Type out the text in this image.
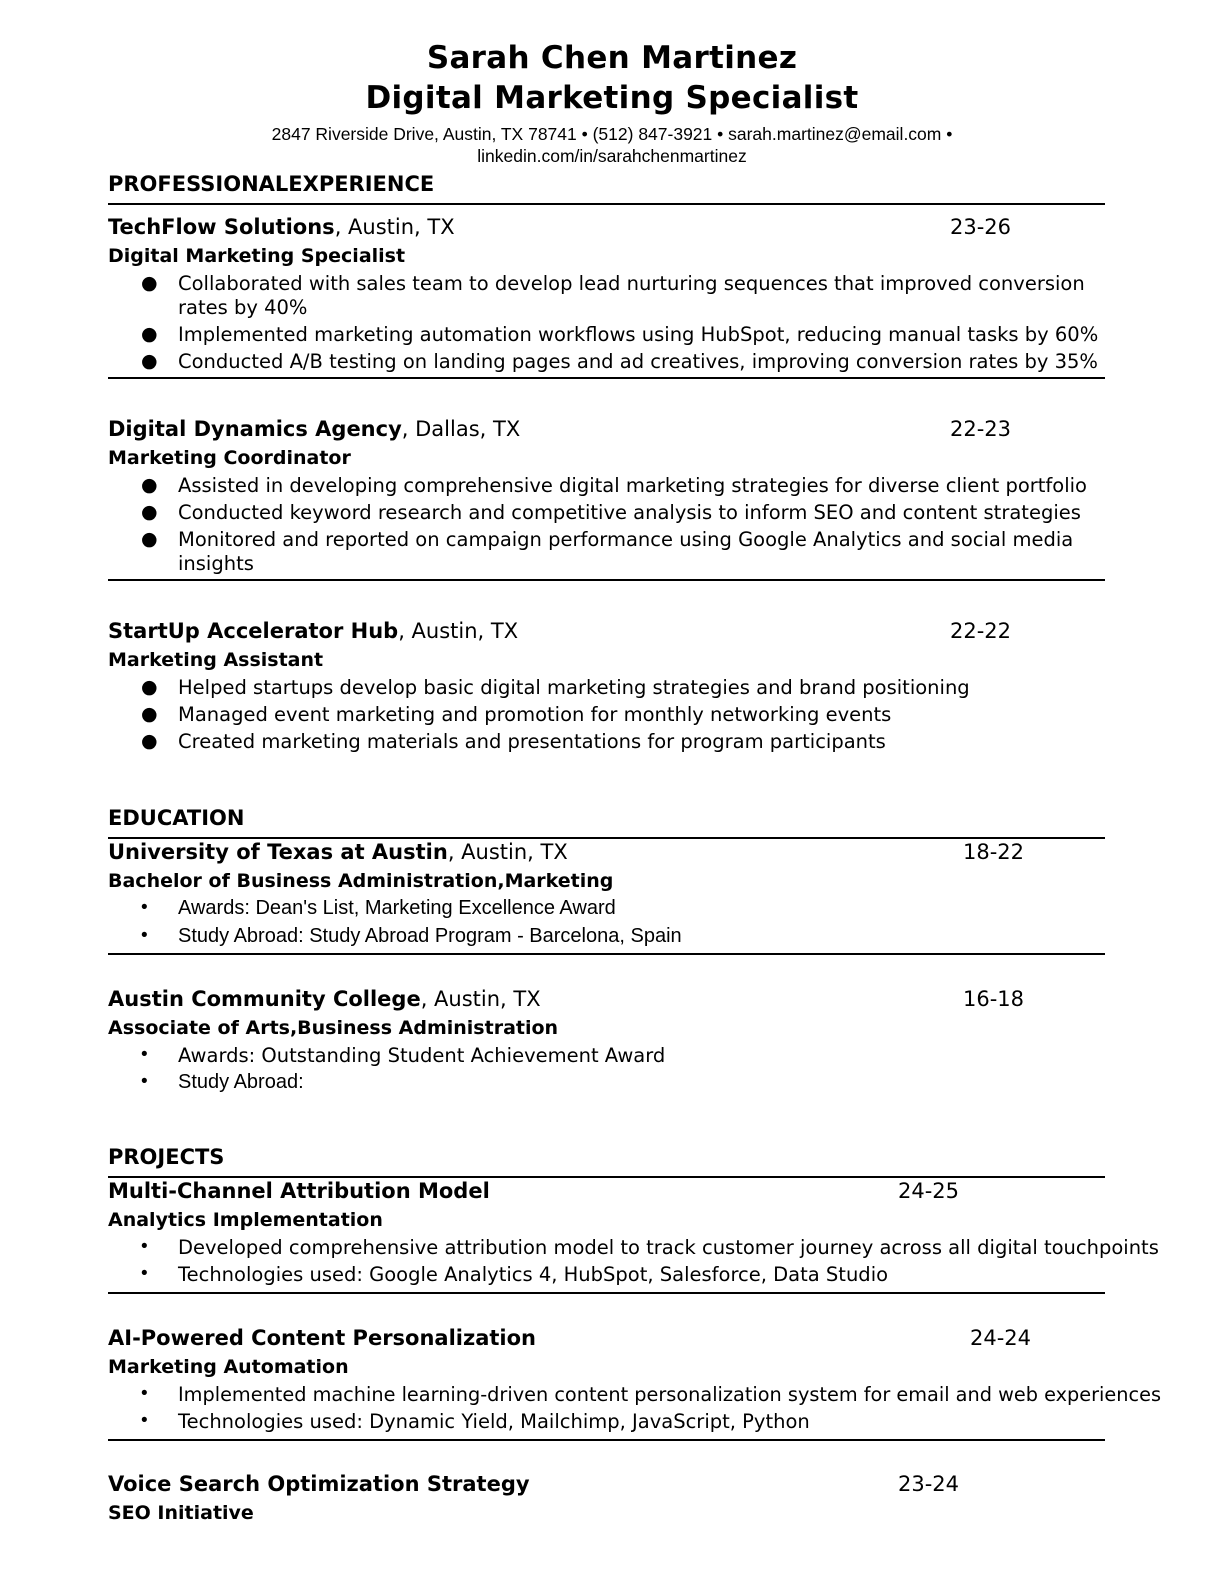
Sarah Chen Martinez
Digital Marketing Specialist
2847 Riverside Drive, Austin, TX 78741 • (512) 847-3921 • sarah.martinez@email.com •
linkedin.com/in/sarahchenmartinez
PROFESSIONALEXPERIENCE
TechFlow Solutions, Austin, TX	23-26
Digital Marketing Specialist
● Collaborated with sales team to develop lead nurturing sequences that improved conversion
rates by 40%
● Implemented marketing automation workflows using HubSpot, reducing manual tasks by 60%
● Conducted A/B testing on landing pages and ad creatives, improving conversion rates by 35%
Digital Dynamics Agency, Dallas, TX	22-23
Marketing Coordinator
● Assisted in developing comprehensive digital marketing strategies for diverse client portfolio
● Conducted keyword research and competitive analysis to inform SEO and content strategies
● Monitored and reported on campaign performance using Google Analytics and social media
insights
StartUp Accelerator Hub, Austin, TX	22-22
Marketing Assistant
● Helped startups develop basic digital marketing strategies and brand positioning
● Managed event marketing and promotion for monthly networking events
● Created marketing materials and presentations for program participants
EDUCATION
University of Texas at Austin, Austin, TX	18-22
Bachelor of Business Administration,Marketing
• Awards: Dean's List, Marketing Excellence Award
• Study Abroad: Study Abroad Program - Barcelona, Spain
Austin Community College, Austin, TX	16-18
Associate of Arts,Business Administration
• Awards: Outstanding Student Achievement Award
• Study Abroad:
PROJECTS
Multi-Channel Attribution Model	24-25
Analytics Implementation
• Developed comprehensive attribution model to track customer journey across all digital touchpoints
• Technologies used: Google Analytics 4, HubSpot, Salesforce, Data Studio
AI-Powered Content Personalization	24-24
Marketing Automation
• Implemented machine learning-driven content personalization system for email and web experiences
• Technologies used: Dynamic Yield, Mailchimp, JavaScript, Python
Voice Search Optimization Strategy	23-24
SEO Initiative
